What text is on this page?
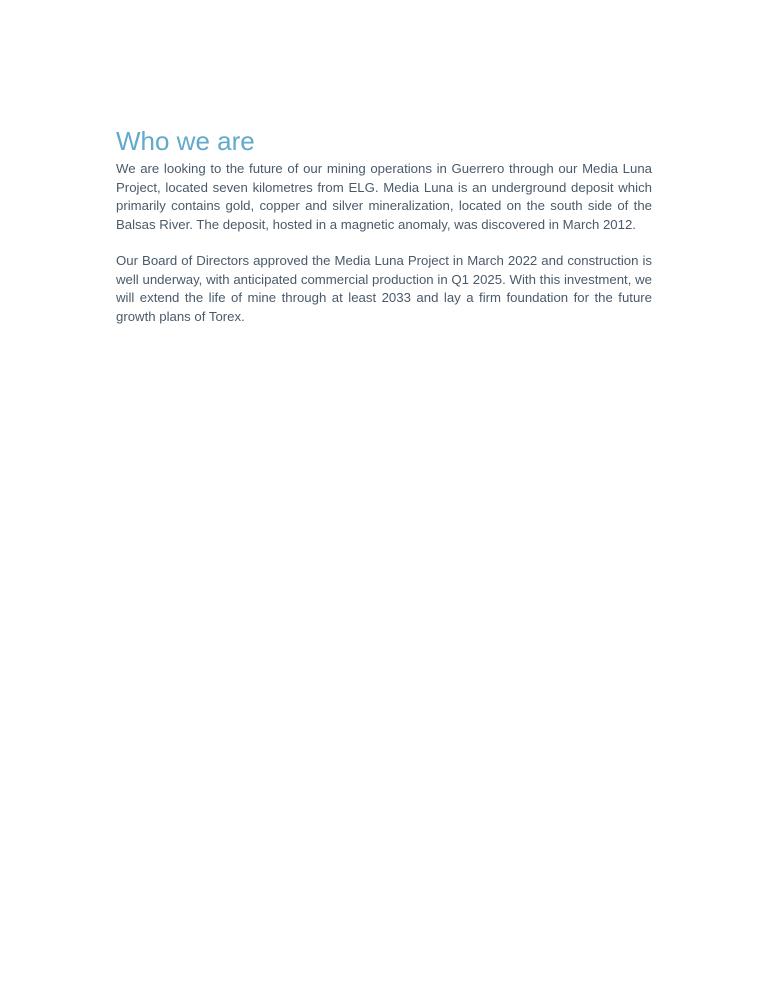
Who we are

We are looking to the future of our mining operations in Guerrero through our Media Luna Project, located seven kilometres from ELG. Media Luna is an underground deposit which primarily contains gold, copper and silver mineralization, located on the south side of the Balsas River. The deposit, hosted in a magnetic anomaly, was discovered in March 2012.

Our Board of Directors approved the Media Luna Project in March 2022 and construction is well underway, with anticipated commercial production in Q1 2025. With this investment, we will extend the life of mine through at least 2033 and lay a firm foundation for the future growth plans of Torex.
